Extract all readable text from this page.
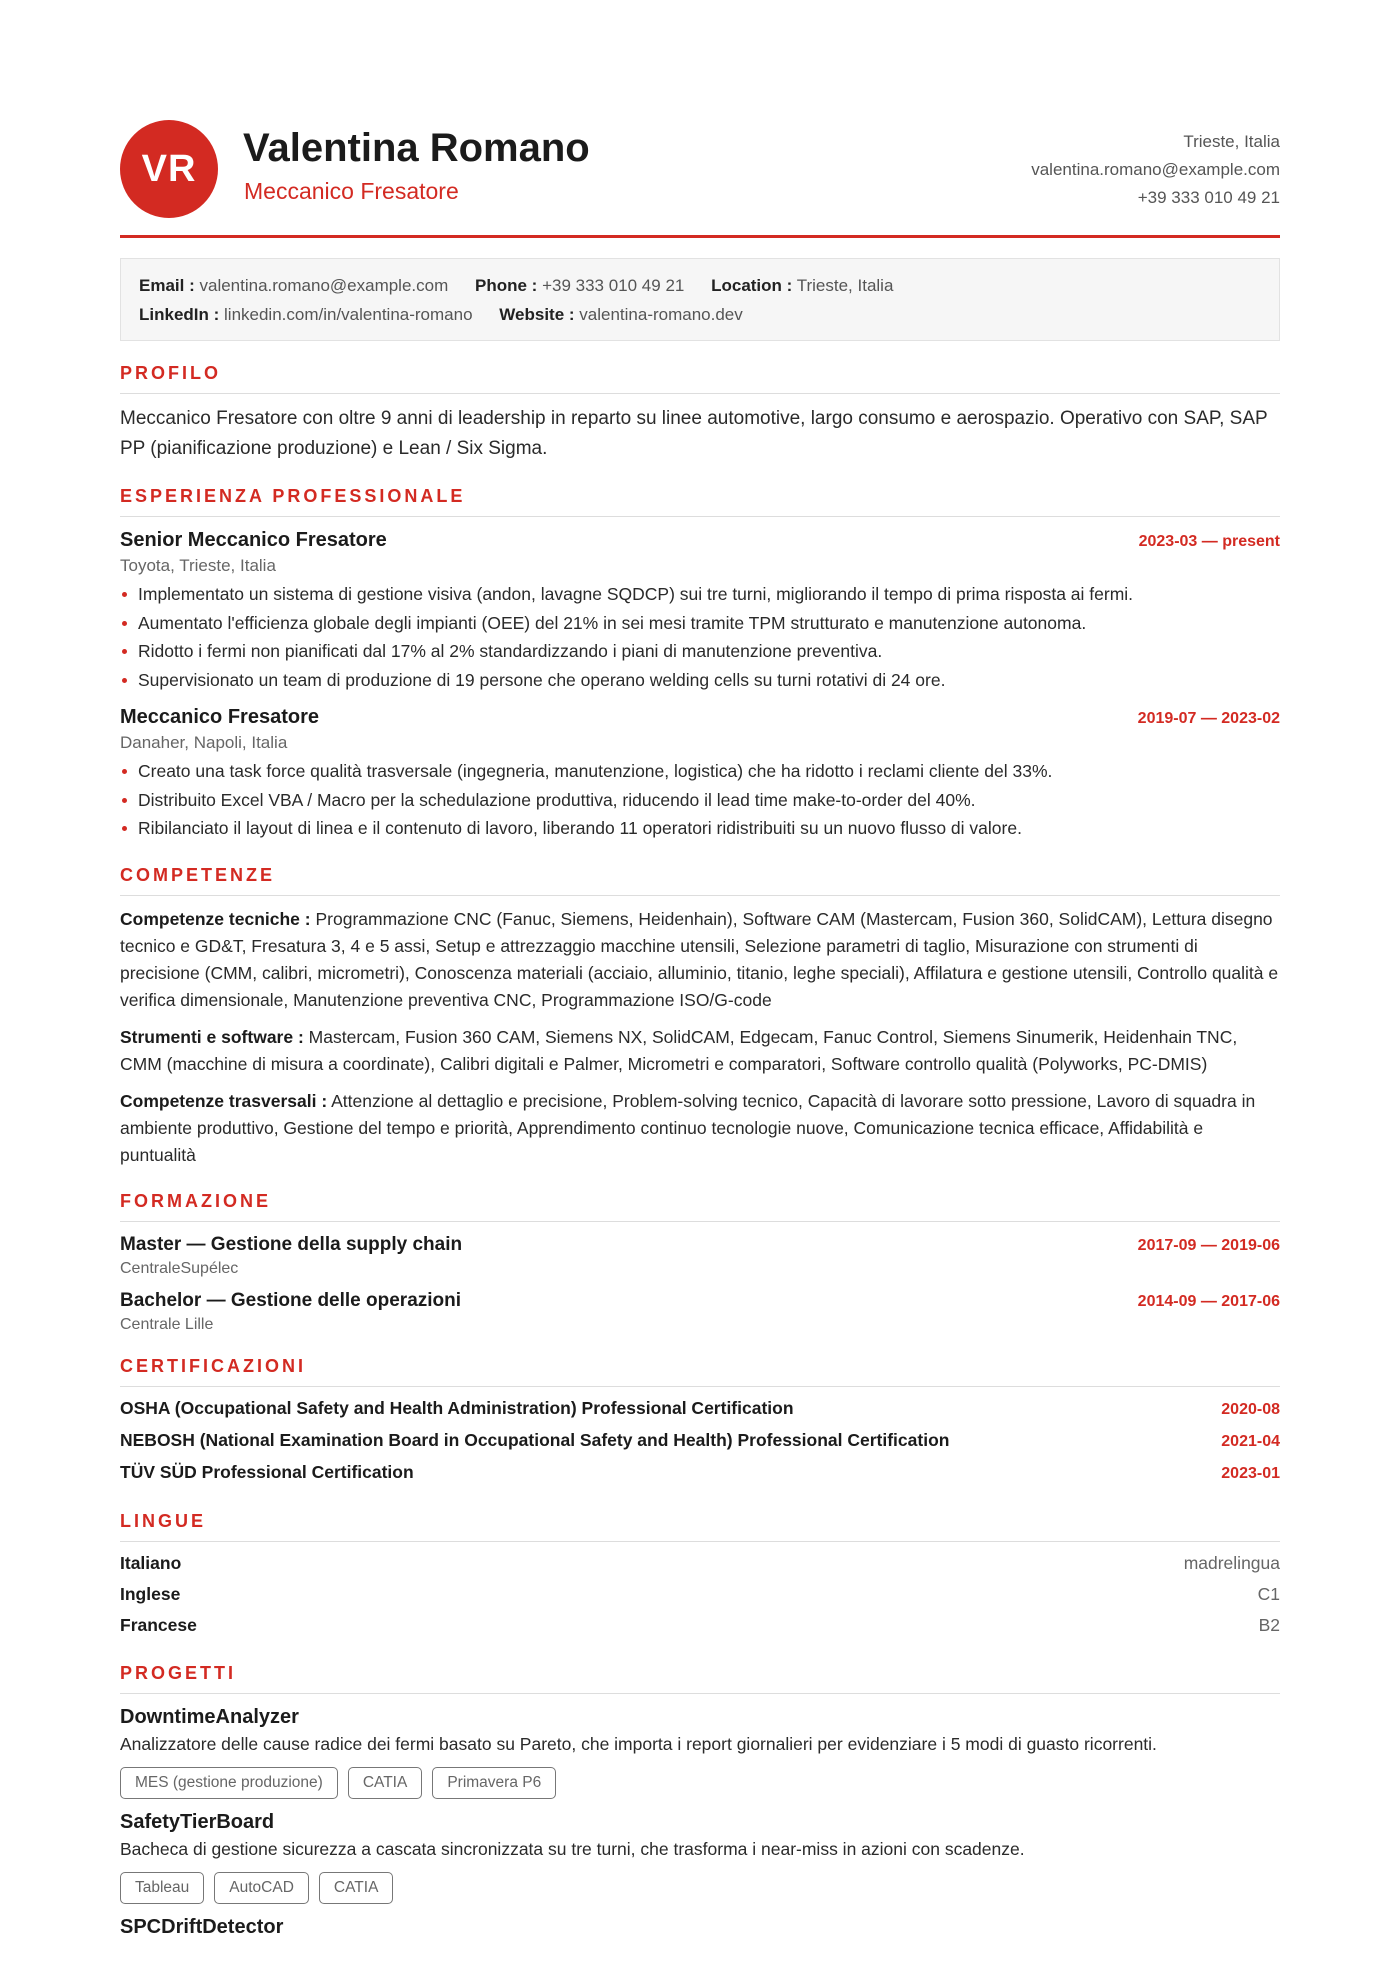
VR	Valentina Romano
Meccanico Fresatore
Trieste, Italia
valentina.romano@example.com
+39 333 010 49 21
Email : valentina.romano@example.com Phone : +39 333 010 49 21 Location : Trieste, Italia
LinkedIn : linkedin.com/in/valentina-romano Website : valentina-romano.dev
PROFILO
Meccanico Fresatore con oltre 9 anni di leadership in reparto su linee automotive, largo consumo e aerospazio. Operativo con SAP, SAP PP (pianificazione produzione) e Lean / Six Sigma.
ESPERIENZA PROFESSIONALE
Senior Meccanico Fresatore	2023-03 — present
Toyota, Trieste, Italia
Implementato un sistema di gestione visiva (andon, lavagne SQDCP) sui tre turni, migliorando il tempo di prima risposta ai fermi.
Aumentato l'efficienza globale degli impianti (OEE) del 21% in sei mesi tramite TPM strutturato e manutenzione autonoma.
Ridotto i fermi non pianificati dal 17% al 2% standardizzando i piani di manutenzione preventiva.
Supervisionato un team di produzione di 19 persone che operano welding cells su turni rotativi di 24 ore.
Meccanico Fresatore	2019-07 — 2023-02
Danaher, Napoli, Italia
Creato una task force qualità trasversale (ingegneria, manutenzione, logistica) che ha ridotto i reclami cliente del 33%.
Distribuito Excel VBA / Macro per la schedulazione produttiva, riducendo il lead time make-to-order del 40%.
Ribilanciato il layout di linea e il contenuto di lavoro, liberando 11 operatori ridistribuiti su un nuovo flusso di valore.
COMPETENZE
Competenze tecniche : Programmazione CNC (Fanuc, Siemens, Heidenhain), Software CAM (Mastercam, Fusion 360, SolidCAM), Lettura disegno tecnico e GD&T, Fresatura 3, 4 e 5 assi, Setup e attrezzaggio macchine utensili, Selezione parametri di taglio, Misurazione con strumenti di precisione (CMM, calibri, micrometri), Conoscenza materiali (acciaio, alluminio, titanio, leghe speciali), Affilatura e gestione utensili, Controllo qualità e verifica dimensionale, Manutenzione preventiva CNC, Programmazione ISO/G-code
Strumenti e software : Mastercam, Fusion 360 CAM, Siemens NX, SolidCAM, Edgecam, Fanuc Control, Siemens Sinumerik, Heidenhain TNC, CMM (macchine di misura a coordinate), Calibri digitali e Palmer, Micrometri e comparatori, Software controllo qualità (Polyworks, PC-DMIS)
Competenze trasversali : Attenzione al dettaglio e precisione, Problem-solving tecnico, Capacità di lavorare sotto pressione, Lavoro di squadra in ambiente produttivo, Gestione del tempo e priorità, Apprendimento continuo tecnologie nuove, Comunicazione tecnica efficace, Affidabilità e puntualità
FORMAZIONE
Master — Gestione della supply chain	2017-09 — 2019-06
CentraleSupélec
Bachelor — Gestione delle operazioni	2014-09 — 2017-06
Centrale Lille
CERTIFICAZIONI
OSHA (Occupational Safety and Health Administration) Professional Certification	2020-08
NEBOSH (National Examination Board in Occupational Safety and Health) Professional Certification	2021-04
TÜV SÜD Professional Certification	2023-01
LINGUE
Italiano	madrelingua
Inglese	C1
Francese	B2
PROGETTI
DowntimeAnalyzer
Analizzatore delle cause radice dei fermi basato su Pareto, che importa i report giornalieri per evidenziare i 5 modi di guasto ricorrenti.
MES (gestione produzione)	CATIA	Primavera P6
SafetyTierBoard
Bacheca di gestione sicurezza a cascata sincronizzata su tre turni, che trasforma i near-miss in azioni con scadenze.
Tableau	AutoCAD	CATIA
SPCDriftDetector
